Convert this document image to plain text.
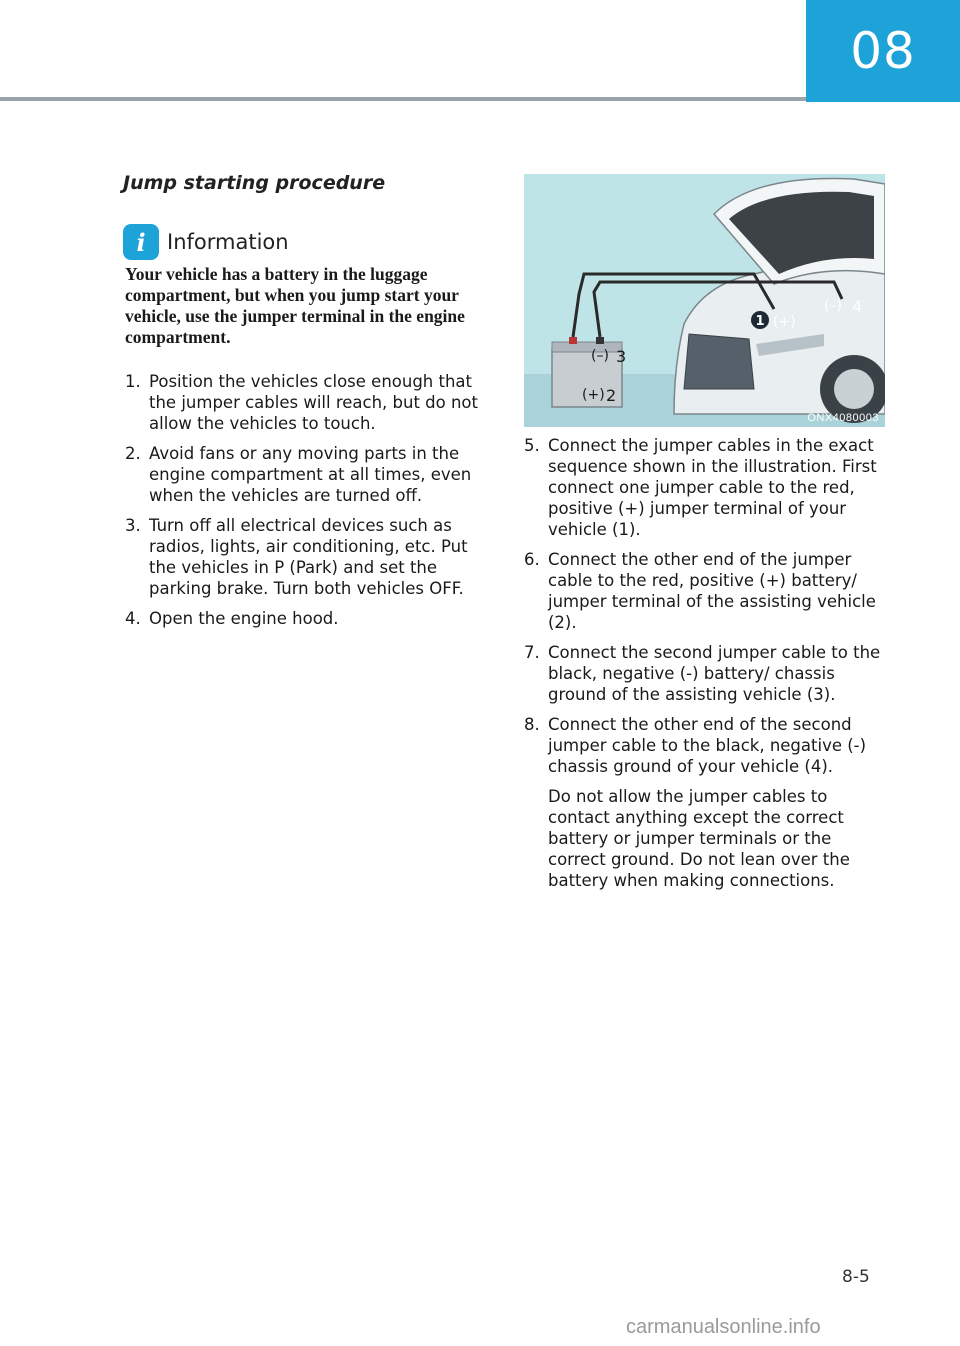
08
Jump starting procedure
i	Information
Your vehicle has a battery in the luggage compartment, but when you jump start your vehicle, use the jumper terminal in the engine compartment.
1. Position the vehicles close enough that the jumper cables will reach, but do not allow the vehicles to touch.
2. Avoid fans or any moving parts in the engine compartment at all times, even when the vehicles are turned off.
3. Turn off all electrical devices such as radios, lights, air conditioning, etc. Put the vehicles in P (Park) and set the parking brake. Turn both vehicles OFF.
4. Open the engine hood.
1 (+)
(–) 4
(–) 3
(+) 2
ONX4080003
5. Connect the jumper cables in the exact sequence shown in the illustration. First connect one jumper cable to the red, positive (+) jumper terminal of your vehicle (1).
6. Connect the other end of the jumper cable to the red, positive (+) battery/ jumper terminal of the assisting vehicle (2).
7. Connect the second jumper cable to the black, negative (-) battery/ chassis ground of the assisting vehicle (3).
8. Connect the other end of the second jumper cable to the black, negative (-) chassis ground of your vehicle (4).
Do not allow the jumper cables to contact anything except the correct battery or jumper terminals or the correct ground. Do not lean over the battery when making connections.
8-5
carmanualsonline.info
